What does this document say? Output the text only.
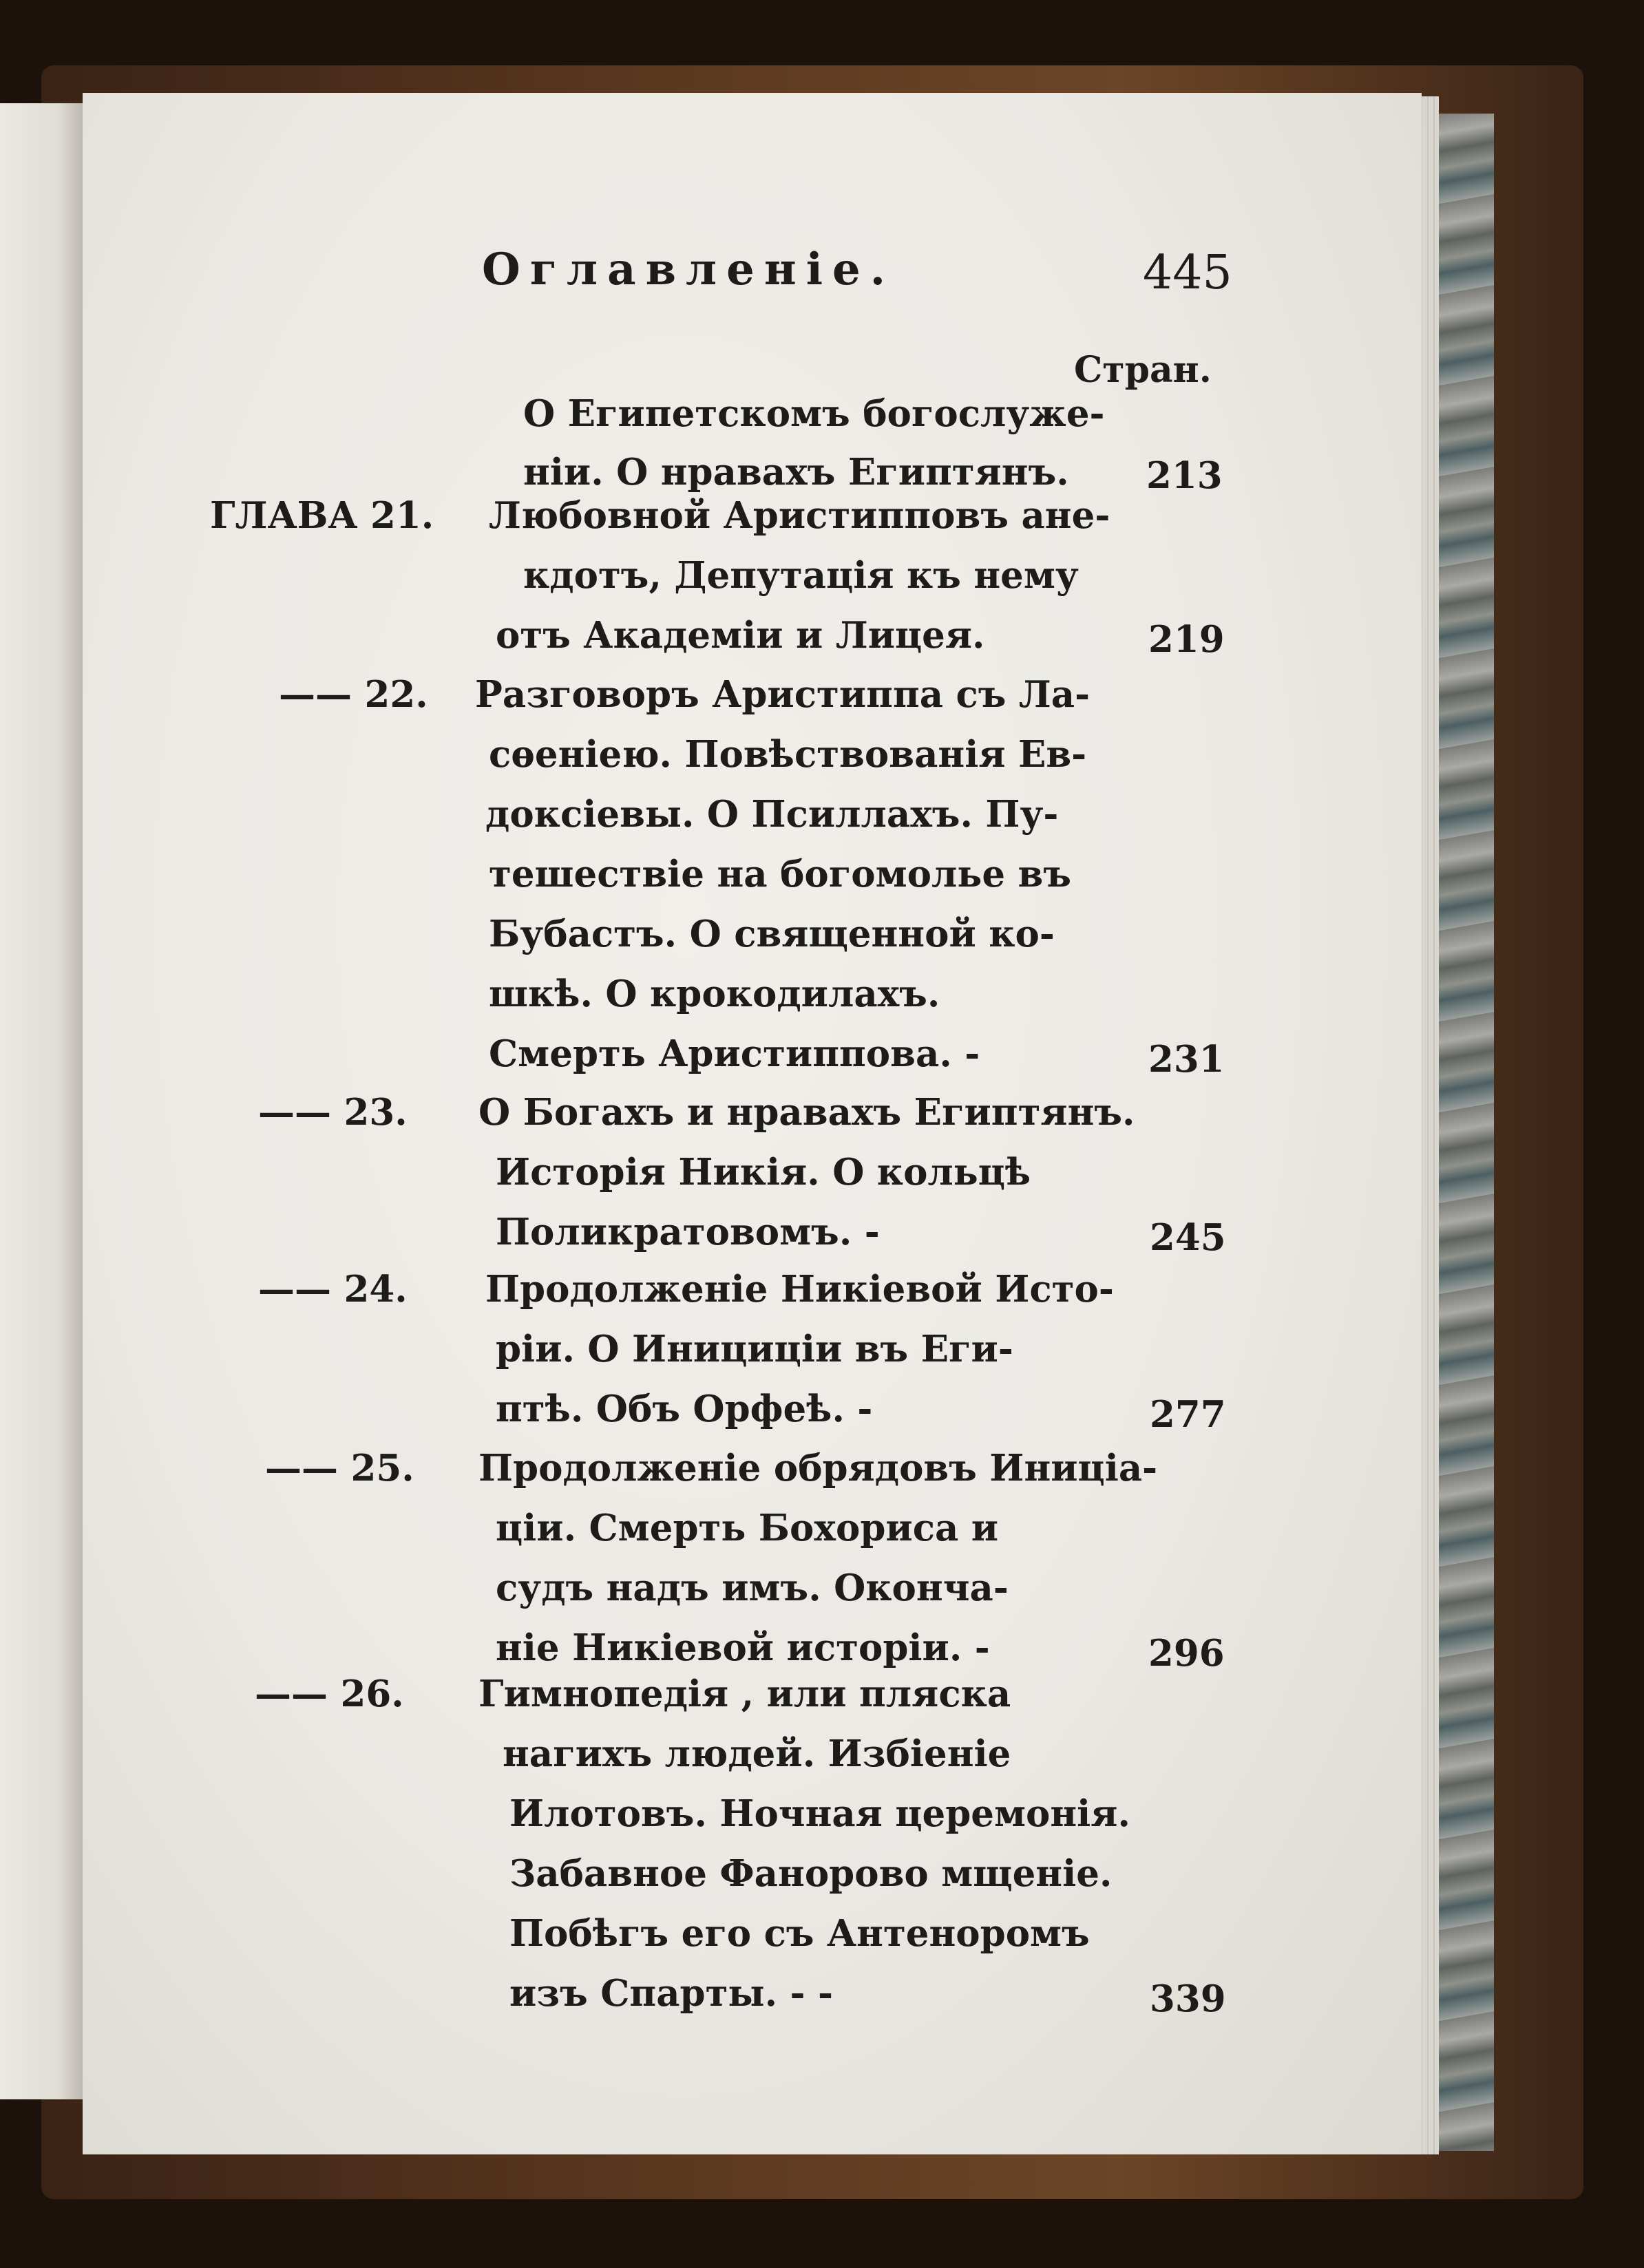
Оглавленіе.	445
Стран.
О Египетскомъ богослуже-
ніи. О нравахъ Египтянъ. 213
ГЛАВА 21. Любовной Аристипповъ ане-
кдотъ, Депутація къ нему
отъ Академіи и Лицея.	219
—— 22. Разговоръ Аристиппа съ Ла-
сѳеніею. Повѣствованія Ев-
доксіевы. О Псиллахъ. Пу-
тешествіе на богомолье въ
Бубастъ. О священной ко-
шкѣ. О крокодилахъ.
Смерть Аристиппова. -	231
—— 23. О Богахъ и нравахъ Египтянъ.
Исторія Никія. О кольцѣ
Поликратовомъ. -	245
—— 24. Продолженіе Никіевой Исто-
ріи. О Инициціи въ Еги-
птѣ. Объ Орфеѣ. -	277
—— 25. Продолженіе обрядовъ Иниціа-
ціи. Смерть Бохориса и
судъ надъ имъ. Оконча-
ніе Никіевой исторіи. -	296
—— 26. Гимнопедія , или пляска
нагихъ людей. Избіеніе
Илотовъ. Ночная церемонія.
Забавное Фанорово мщеніе.
Побѣгъ его съ Антеноромъ
изъ Спарты. - -	339
